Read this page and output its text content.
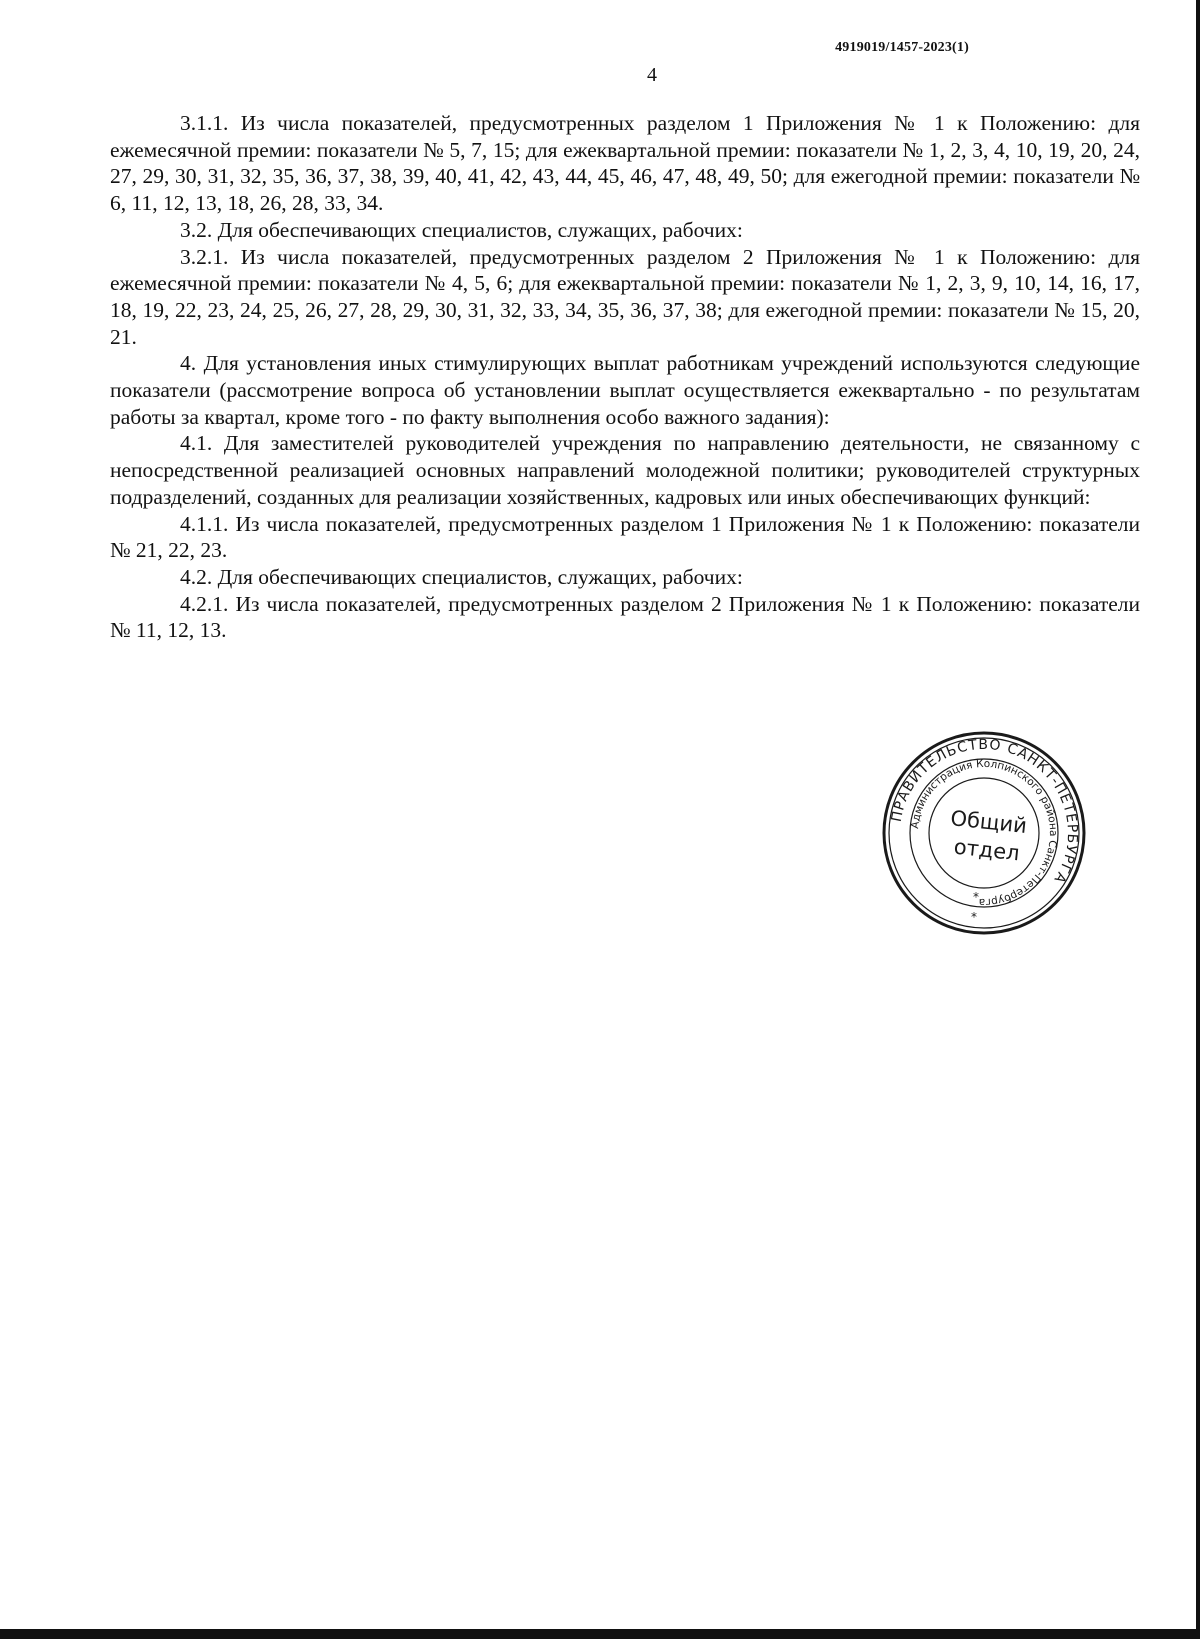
4919019/1457-2023(1)
4

3.1.1. Из числа показателей, предусмотренных разделом 1 Приложения № 1 к Положению: для ежемесячной премии: показатели № 5, 7, 15; для ежеквартальной премии: показатели № 1, 2, 3, 4, 10, 19, 20, 24, 27, 29, 30, 31, 32, 35, 36, 37, 38, 39, 40, 41, 42, 43, 44, 45, 46, 47, 48, 49, 50; для ежегодной премии: показатели № 6, 11, 12, 13, 18, 26, 28, 33, 34.

3.2. Для обеспечивающих специалистов, служащих, рабочих:

3.2.1. Из числа показателей, предусмотренных разделом 2 Приложения № 1 к Положению: для ежемесячной премии: показатели № 4, 5, 6; для ежеквартальной премии: показатели № 1, 2, 3, 9, 10, 14, 16, 17, 18, 19, 22, 23, 24, 25, 26, 27, 28, 29, 30, 31, 32, 33, 34, 35, 36, 37, 38; для ежегодной премии: показатели № 15, 20, 21.

4. Для установления иных стимулирующих выплат работникам учреждений используются следующие показатели (рассмотрение вопроса об установлении выплат осуществляется ежеквартально - по результатам работы за квартал, кроме того - по факту выполнения особо важного задания):

4.1. Для заместителей руководителей учреждения по направлению деятельности, не связанному с непосредственной реализацией основных направлений молодежной политики; руководителей структурных подразделений, созданных для реализации хозяйственных, кадровых или иных обеспечивающих функций:

4.1.1. Из числа показателей, предусмотренных разделом 1 Приложения № 1 к Положению: показатели № 21, 22, 23.

4.2. Для обеспечивающих специалистов, служащих, рабочих:

4.2.1. Из числа показателей, предусмотренных разделом 2 Приложения № 1 к Положению: показатели № 11, 12, 13.

ПРАВИТЕЛЬСТВО САНКТ-ПЕТЕРБУРГА
Администрация Колпинского района Санкт-Петербурга
Общий
отдел
*
*
